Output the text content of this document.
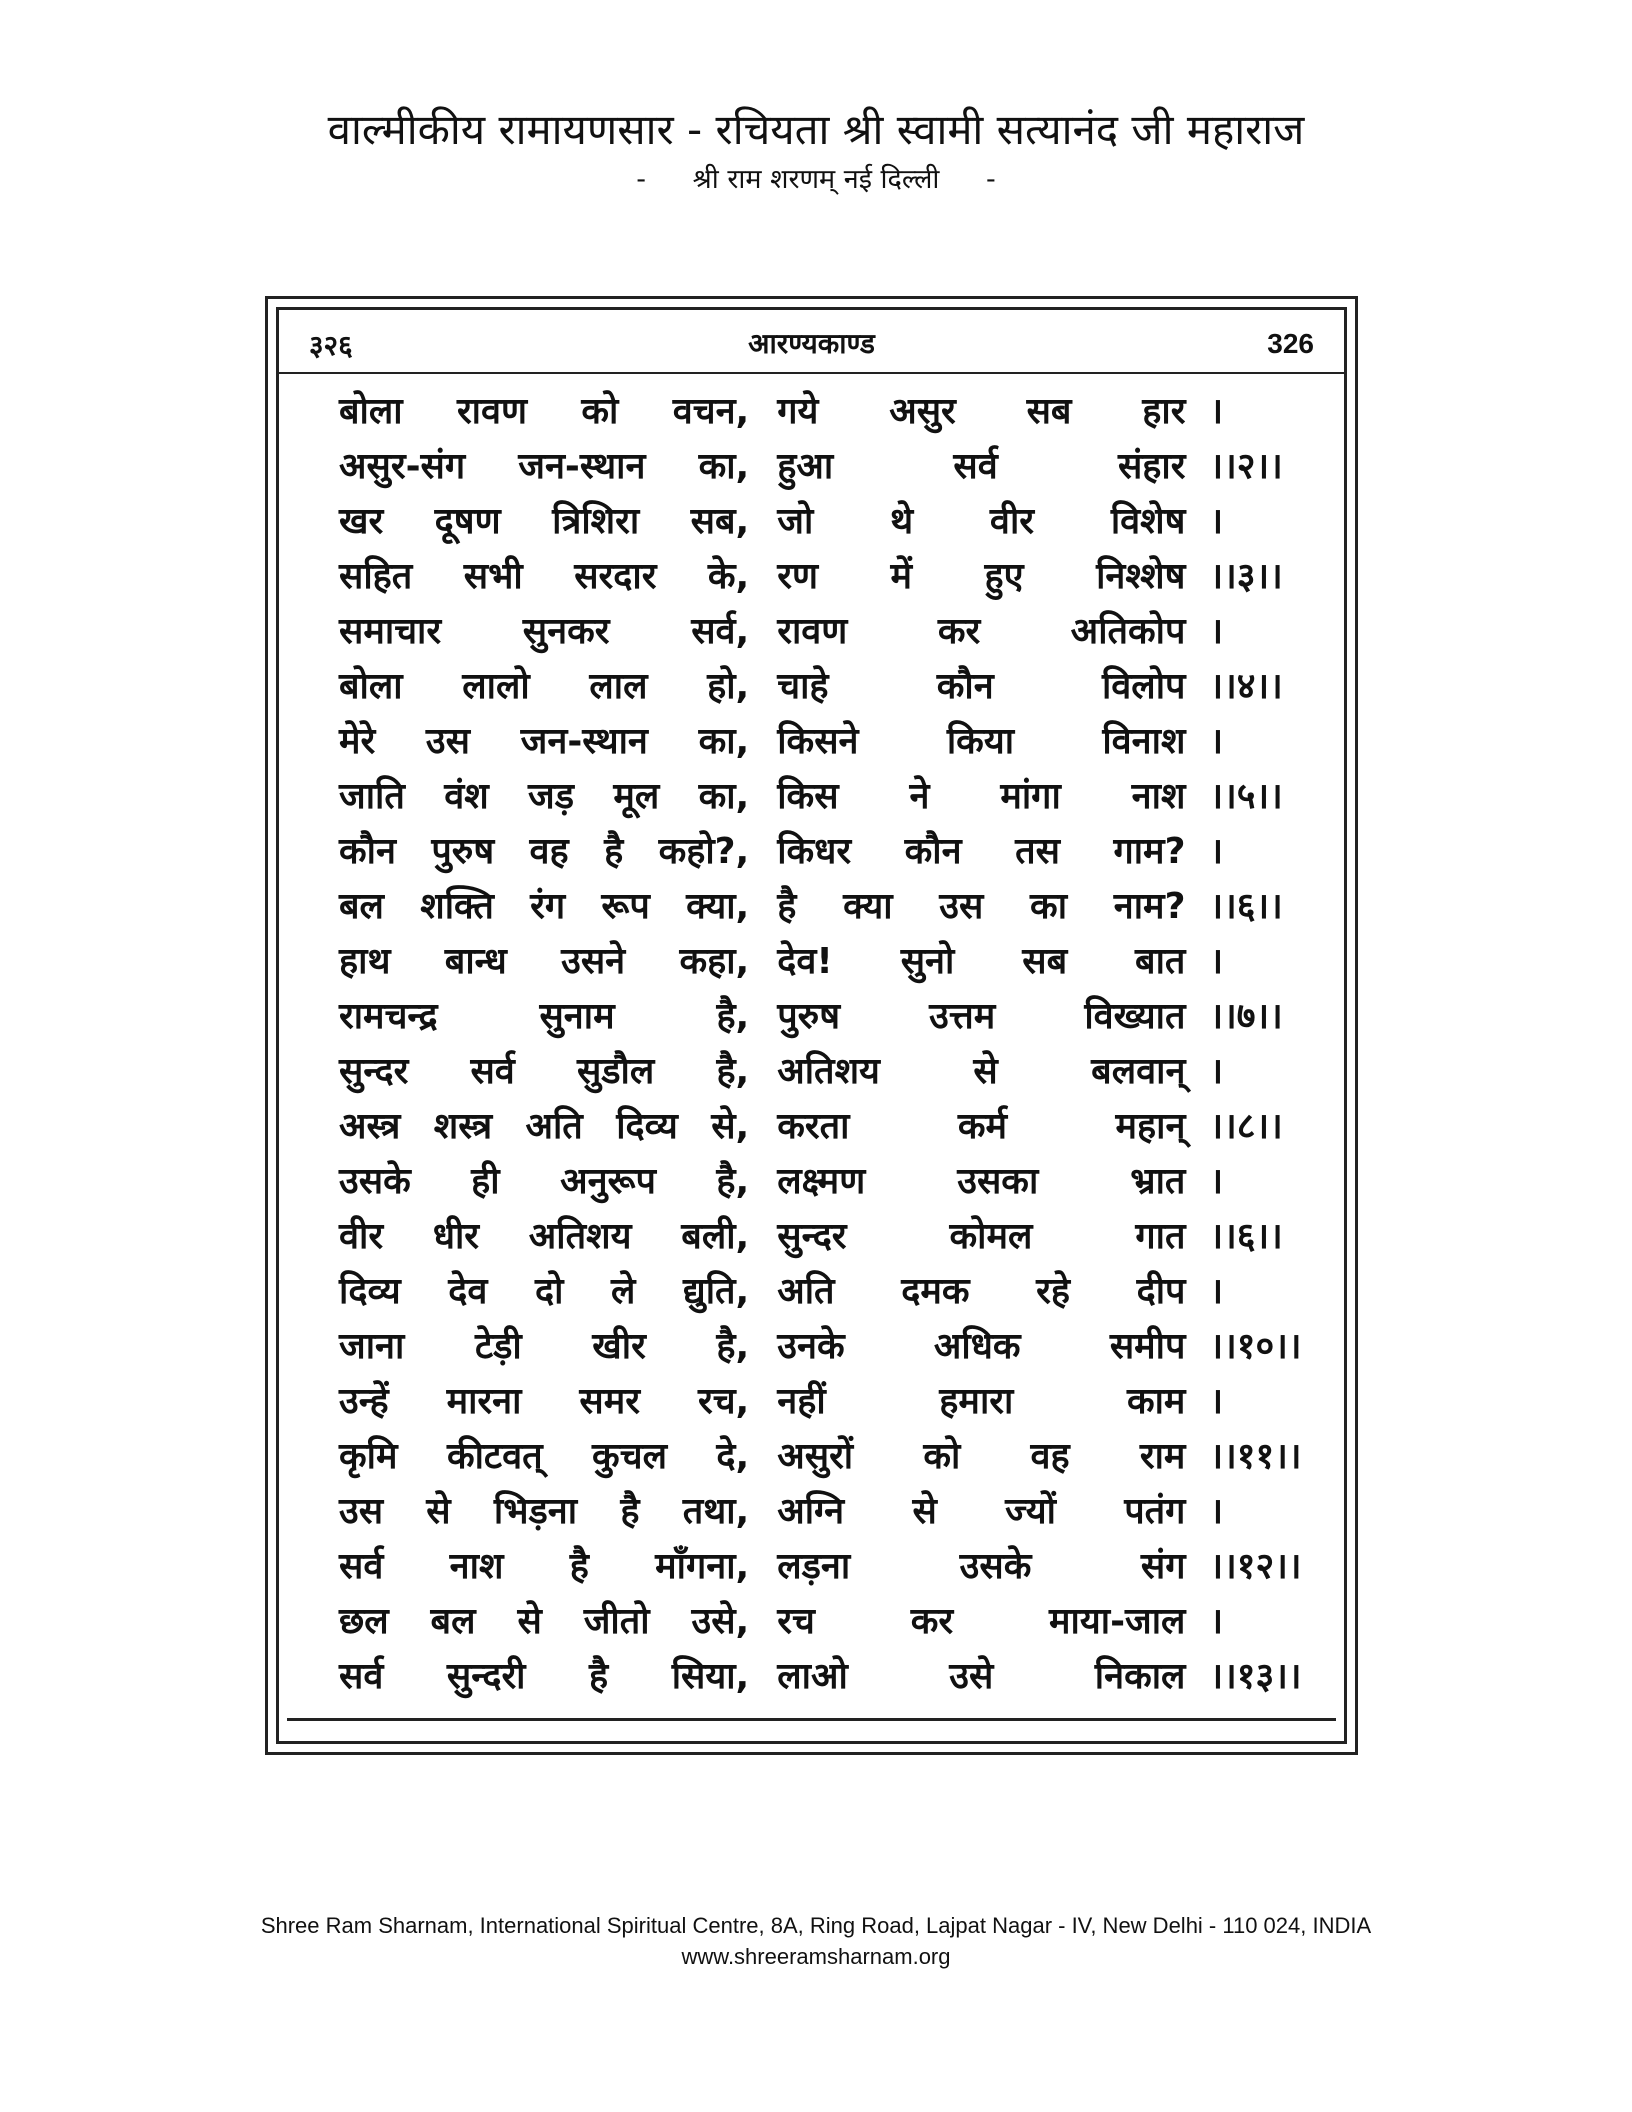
वाल्मीकीय रामायणसार - रचियता श्री स्वामी सत्यानंद जी महाराज
- श्री राम शरणम् नई दिल्ली -
३२६	आरण्यकाण्ड	326
बोला रावण को वचन, गये असुर सब हार ।
असुर-संग जन-स्थान का, हुआ सर्व संहार ।।२।।
खर दूषण त्रिशिरा सब, जो थे वीर विशेष ।
सहित सभी सरदार के, रण में हुए निश्शेष ।।३।।
समाचार सुनकर सर्व, रावण कर अतिकोप ।
बोला लालो लाल हो, चाहे कौन विलोप ।।४।।
मेरे उस जन-स्थान का, किसने किया विनाश ।
जाति वंश जड़ मूल का, किस ने मांगा नाश ।।५।।
कौन पुरुष वह है कहो?, किधर कौन तस गाम? ।
बल शक्ति रंग रूप क्या, है क्या उस का नाम? ।।६।।
हाथ बान्ध उसने कहा, देव! सुनो सब बात ।
रामचन्द्र सुनाम है, पुरुष उत्तम विख्यात ।।७।।
सुन्दर सर्व सुडौल है, अतिशय से बलवान् ।
अस्त्र शस्त्र अति दिव्य से, करता कर्म महान् ।।८।।
उसके ही अनुरूप है, लक्ष्मण उसका भ्रात ।
वीर धीर अतिशय बली, सुन्दर कोमल गात ।।६।।
दिव्य देव दो ले द्युति, अति दमक रहे दीप ।
जाना टेड़ी खीर है, उनके अधिक समीप ।।१०।।
उन्हें मारना समर रच, नहीं हमारा काम ।
कृमि कीटवत् कुचल दे, असुरों को वह राम ।।११।।
उस से भिड़ना है तथा, अग्नि से ज्यों पतंग ।
सर्व नाश है माँगना, लड़ना उसके संग ।।१२।।
छल बल से जीतो उसे, रच कर माया-जाल ।
सर्व सुन्दरी है सिया, लाओ उसे निकाल ।।१३।।
Shree Ram Sharnam, International Spiritual Centre, 8A, Ring Road, Lajpat Nagar - IV, New Delhi - 110 024, INDIA
www.shreeramsharnam.org
